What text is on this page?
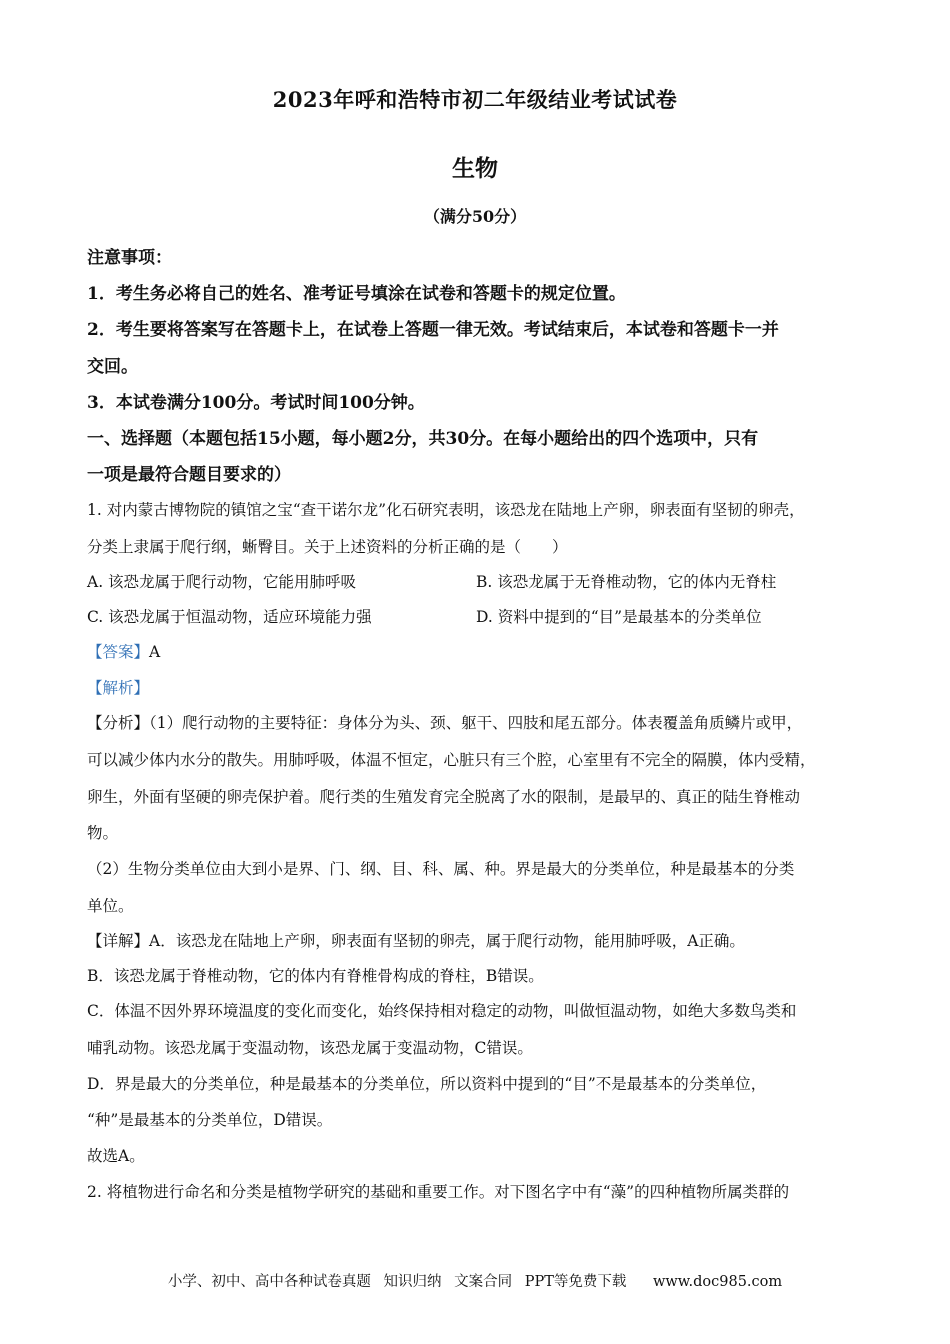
2023年呼和浩特市初二年级结业考试试卷
生物
（满分50分）
注意事项：
1．考生务必将自己的姓名、准考证号填涂在试卷和答题卡的规定位置。
2．考生要将答案写在答题卡上，在试卷上答题一律无效。考试结束后，本试卷和答题卡一并
交回。
3．本试卷满分100分。考试时间100分钟。
一、选择题（本题包括15小题，每小题2分，共30分。在每小题给出的四个选项中，只有
一项是最符合题目要求的）
1. 对内蒙古博物院的镇馆之宝“查干诺尔龙”化石研究表明，该恐龙在陆地上产卵，卵表面有坚韧的卵壳，
分类上隶属于爬行纲，蜥臀目。关于上述资料的分析正确的是（　　）
A. 该恐龙属于爬行动物，它能用肺呼吸	B. 该恐龙属于无脊椎动物，它的体内无脊柱
C. 该恐龙属于恒温动物，适应环境能力强	D. 资料中提到的“目”是最基本的分类单位
【答案】A
【解析】
【分析】（1）爬行动物的主要特征：身体分为头、颈、躯干、四肢和尾五部分。体表覆盖角质鳞片或甲，
可以减少体内水分的散失。用肺呼吸，体温不恒定，心脏只有三个腔，心室里有不完全的隔膜，体内受精，
卵生，外面有坚硬的卵壳保护着。爬行类的生殖发育完全脱离了水的限制，是最早的、真正的陆生脊椎动
物。
（2）生物分类单位由大到小是界、门、纲、目、科、属、种。界是最大的分类单位，种是最基本的分类
单位。
【详解】A．该恐龙在陆地上产卵，卵表面有坚韧的卵壳，属于爬行动物，能用肺呼吸，A正确。
B．该恐龙属于脊椎动物，它的体内有脊椎骨构成的脊柱，B错误。
C．体温不因外界环境温度的变化而变化，始终保持相对稳定的动物，叫做恒温动物，如绝大多数鸟类和
哺乳动物。该恐龙属于变温动物，该恐龙属于变温动物，C错误。
D．界是最大的分类单位，种是最基本的分类单位，所以资料中提到的“目”不是最基本的分类单位，
“种”是最基本的分类单位，D错误。
故选A。
2. 将植物进行命名和分类是植物学研究的基础和重要工作。对下图名字中有“藻”的四种植物所属类群的
小学、初中、高中各种试卷真题 知识归纳 文案合同 PPT等免费下载 www.doc985.com
